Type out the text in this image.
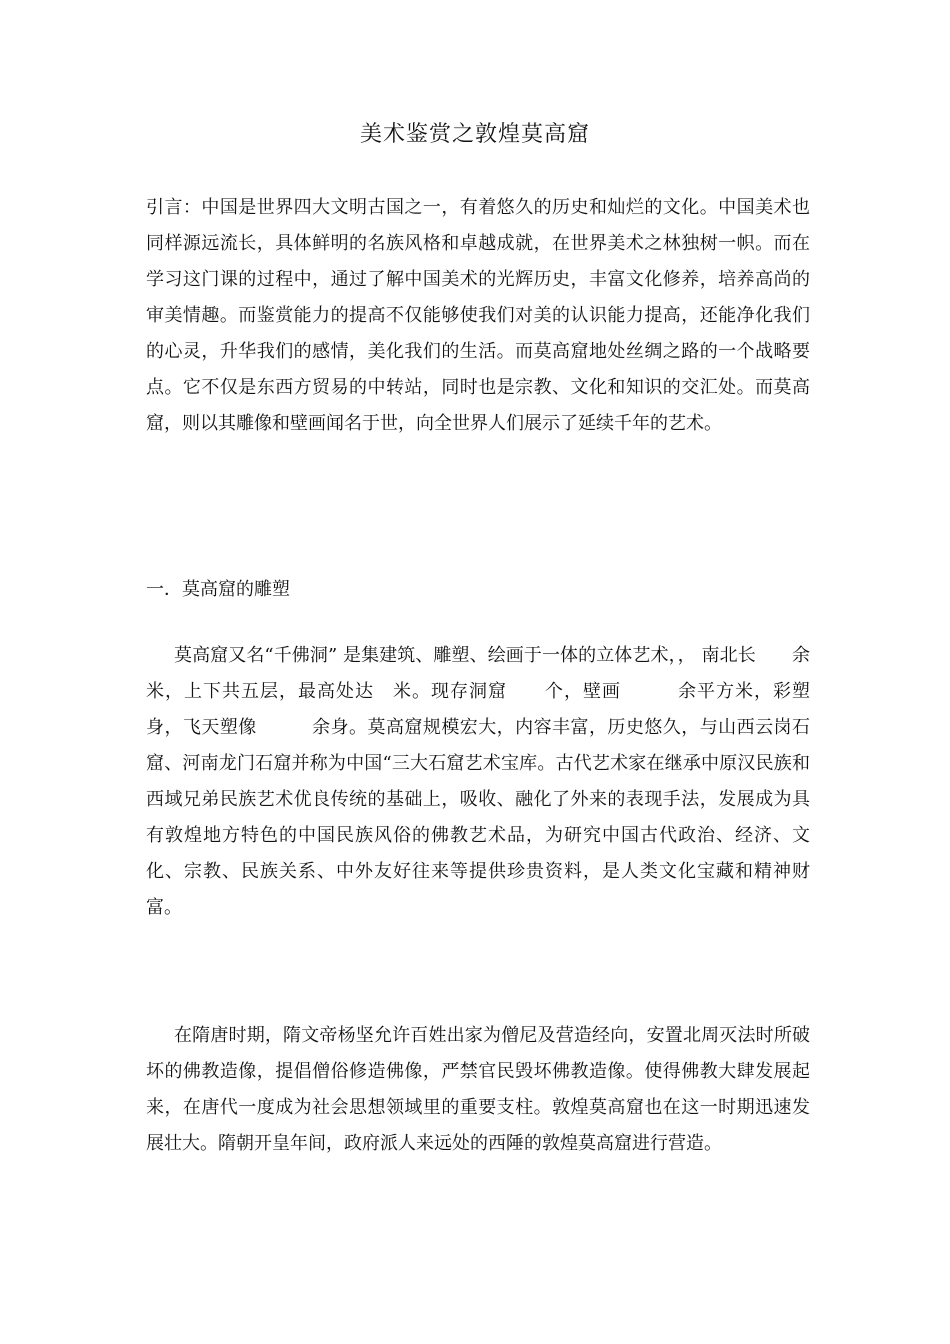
美术鉴赏之敦煌莫高窟

引言：中国是世界四大文明古国之一，有着悠久的历史和灿烂的文化。中国美术也同样源远流长，具体鲜明的名族风格和卓越成就，在世界美术之林独树一帜。而在学习这门课的过程中，通过了解中国美术的光辉历史，丰富文化修养，培养高尚的审美情趣。而鉴赏能力的提高不仅能够使我们对美的认识能力提高，还能净化我们的心灵，升华我们的感情，美化我们的生活。而莫高窟地处丝绸之路的一个战略要点。它不仅是东西方贸易的中转站，同时也是宗教、文化和知识的交汇处。而莫高窟，则以其雕像和壁画闻名于世，向全世界人们展示了延续千年的艺术。

一．莫高窟的雕塑

莫高窟又名“千佛洞” 是集建筑、雕塑、绘画于一体的立体艺术，， 南北长　　余米，上下共五层，最高处达　米。现存洞窟　　个，壁画　　　余平方米，彩塑　　　身，飞天塑像　　　余身。莫高窟规模宏大，内容丰富，历史悠久，与山西云岗石窟、河南龙门石窟并称为中国“三大石窟艺术宝库。古代艺术家在继承中原汉民族和西域兄弟民族艺术优良传统的基础上，吸收、融化了外来的表现手法，发展成为具有敦煌地方特色的中国民族风俗的佛教艺术品，为研究中国古代政治、经济、文化、宗教、民族关系、中外友好往来等提供珍贵资料，是人类文化宝藏和精神财富。

在隋唐时期，隋文帝杨坚允许百姓出家为僧尼及营造经向，安置北周灭法时所破坏的佛教造像，提倡僧俗修造佛像，严禁官民毁坏佛教造像。使得佛教大肆发展起来，在唐代一度成为社会思想领域里的重要支柱。敦煌莫高窟也在这一时期迅速发展壮大。隋朝开皇年间，政府派人来远处的西陲的敦煌莫高窟进行营造。
